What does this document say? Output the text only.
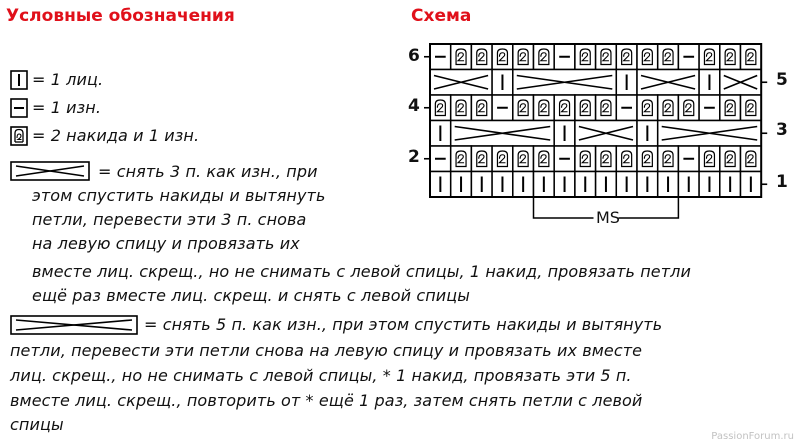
Условные обозначения
= 1 лиц.
= 1 изн.
= 2 накида и 1 изн.
= снять 3 п. как изн., при
этом спустить накиды и вытянуть
петли, перевести эти 3 п. снова
на левую спицу и провязать их
вместе лиц. скрещ., но не снимать с левой спицы, 1 накид, провязать петли
ещё раз вместе лиц. скрещ. и снять с левой спицы
= снять 5 п. как изн., при этом спустить накиды и вытянуть
петли, перевести эти петли снова на левую спицу и провязать их вместе
лиц. скрещ., но не снимать с левой спицы, * 1 накид, провязать эти 5 п.
вместе лиц. скрещ., повторить от * ещё 1 раз, затем снять петли с левой
спицы
Схема
6
4
2
5
3
1
MS
PassionForum.ru
